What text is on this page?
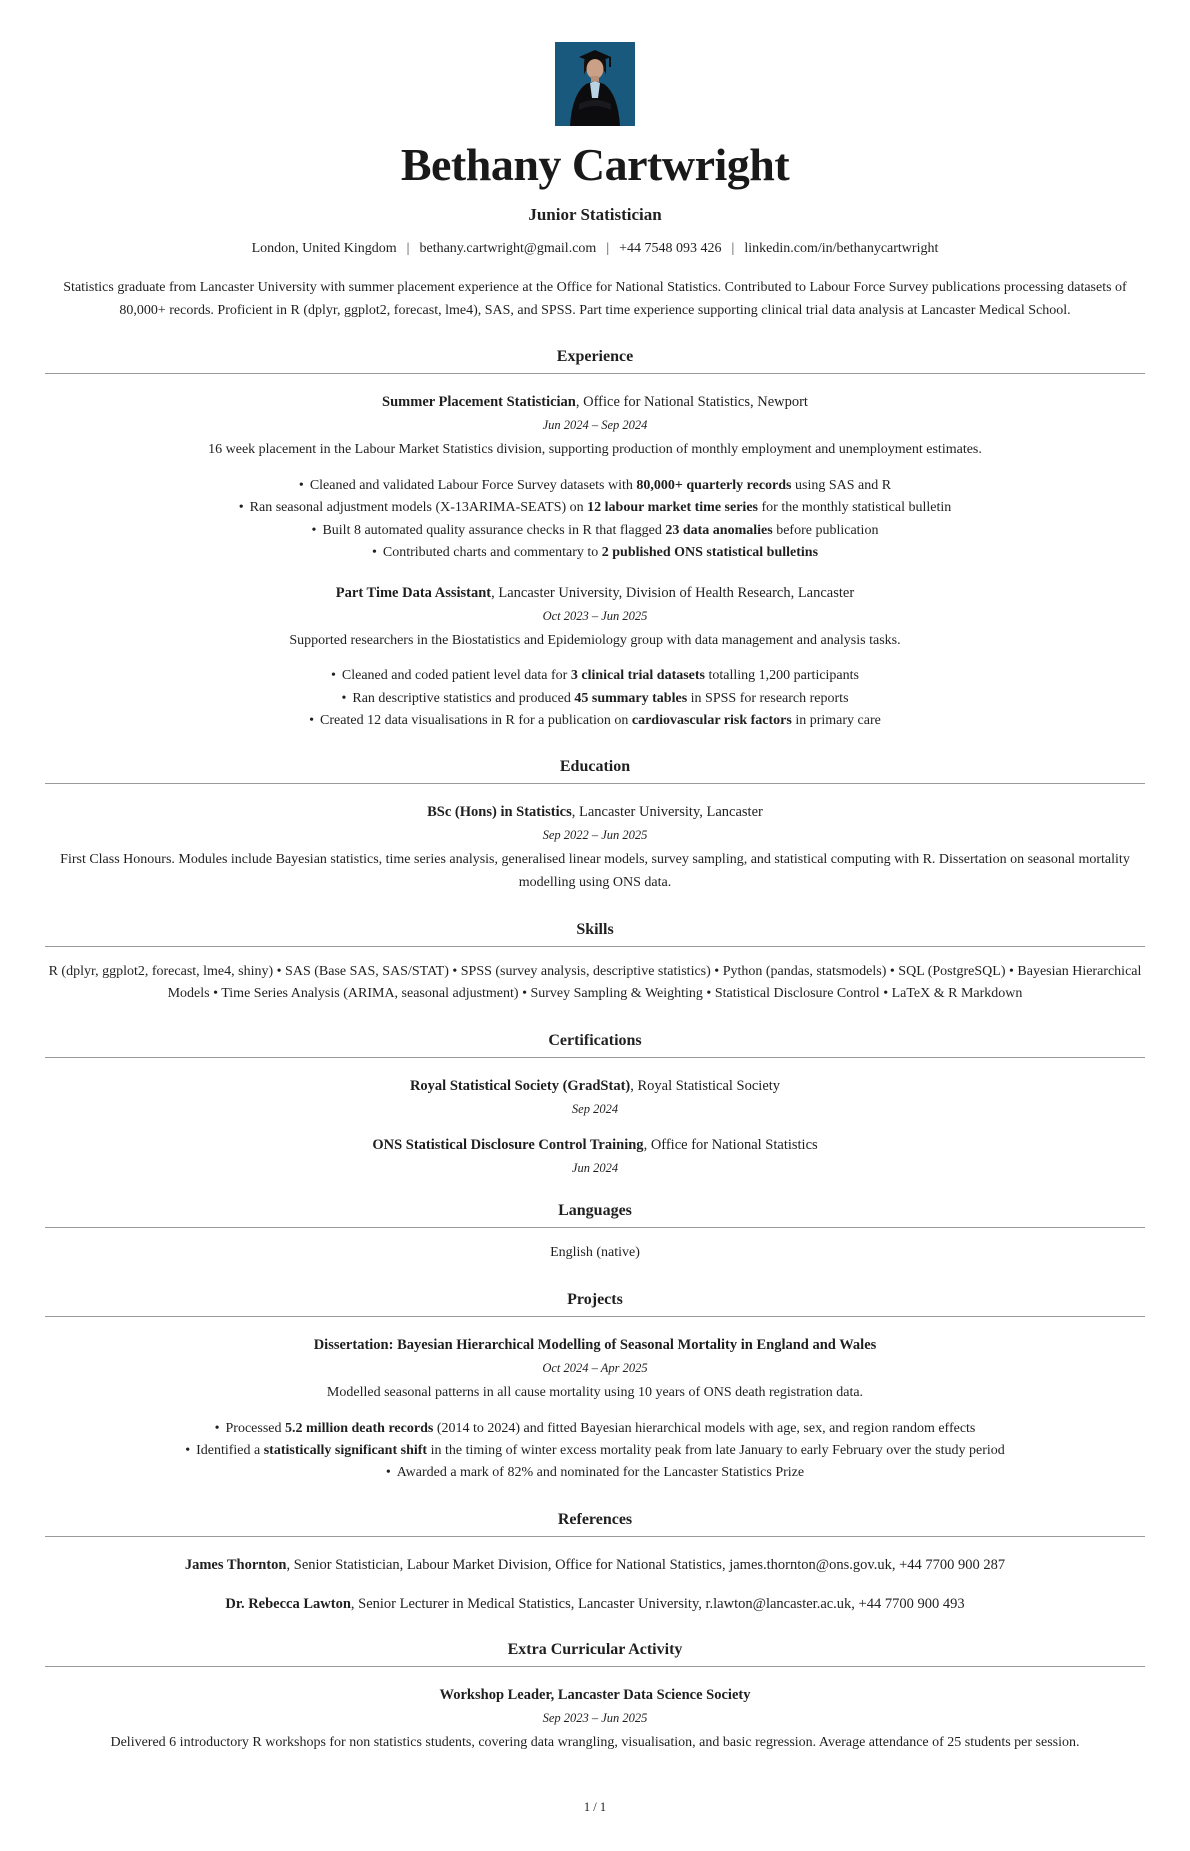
Bethany Cartwright
Junior Statistician
London, United Kingdom | bethany.cartwright@gmail.com | +44 7548 093 426 | linkedin.com/in/bethanycartwright

Statistics graduate from Lancaster University with summer placement experience at the Office for National Statistics. Contributed to Labour Force Survey publications processing datasets of 80,000+ records. Proficient in R (dplyr, ggplot2, forecast, lme4), SAS, and SPSS. Part time experience supporting clinical trial data analysis at Lancaster Medical School.

Experience

Summer Placement Statistician, Office for National Statistics, Newport

Jun 2024 – Sep 2024

16 week placement in the Labour Market Statistics division, supporting production of monthly employment and unemployment estimates.

• Cleaned and validated Labour Force Survey datasets with 80,000+ quarterly records using SAS and R
• Ran seasonal adjustment models (X-13ARIMA-SEATS) on 12 labour market time series for the monthly statistical bulletin
• Built 8 automated quality assurance checks in R that flagged 23 data anomalies before publication
• Contributed charts and commentary to 2 published ONS statistical bulletins

Part Time Data Assistant, Lancaster University, Division of Health Research, Lancaster

Oct 2023 – Jun 2025

Supported researchers in the Biostatistics and Epidemiology group with data management and analysis tasks.

• Cleaned and coded patient level data for 3 clinical trial datasets totalling 1,200 participants
• Ran descriptive statistics and produced 45 summary tables in SPSS for research reports
• Created 12 data visualisations in R for a publication on cardiovascular risk factors in primary care
Education

BSc (Hons) in Statistics, Lancaster University, Lancaster

Sep 2022 – Jun 2025

First Class Honours. Modules include Bayesian statistics, time series analysis, generalised linear models, survey sampling, and statistical computing with R. Dissertation on seasonal mortality modelling using ONS data.

Skills

R (dplyr, ggplot2, forecast, lme4, shiny) • SAS (Base SAS, SAS/STAT) • SPSS (survey analysis, descriptive statistics) • Python (pandas, statsmodels) • SQL (PostgreSQL) • Bayesian Hierarchical Models • Time Series Analysis (ARIMA, seasonal adjustment) • Survey Sampling & Weighting • Statistical Disclosure Control • LaTeX & R Markdown

Certifications

Royal Statistical Society (GradStat), Royal Statistical Society

Sep 2024

ONS Statistical Disclosure Control Training, Office for National Statistics

Jun 2024

Languages

English (native)

Projects

Dissertation: Bayesian Hierarchical Modelling of Seasonal Mortality in England and Wales

Oct 2024 – Apr 2025

Modelled seasonal patterns in all cause mortality using 10 years of ONS death registration data.

• Processed 5.2 million death records (2014 to 2024) and fitted Bayesian hierarchical models with age, sex, and region random effects
• Identified a statistically significant shift in the timing of winter excess mortality peak from late January to early February over the study period
• Awarded a mark of 82% and nominated for the Lancaster Statistics Prize
References

James Thornton, Senior Statistician, Labour Market Division, Office for National Statistics, james.thornton@ons.gov.uk, +44 7700 900 287

Dr. Rebecca Lawton, Senior Lecturer in Medical Statistics, Lancaster University, r.lawton@lancaster.ac.uk, +44 7700 900 493

Extra Curricular Activity

Workshop Leader, Lancaster Data Science Society

Sep 2023 – Jun 2025

Delivered 6 introductory R workshops for non statistics students, covering data wrangling, visualisation, and basic regression. Average attendance of 25 students per session.

1 / 1
